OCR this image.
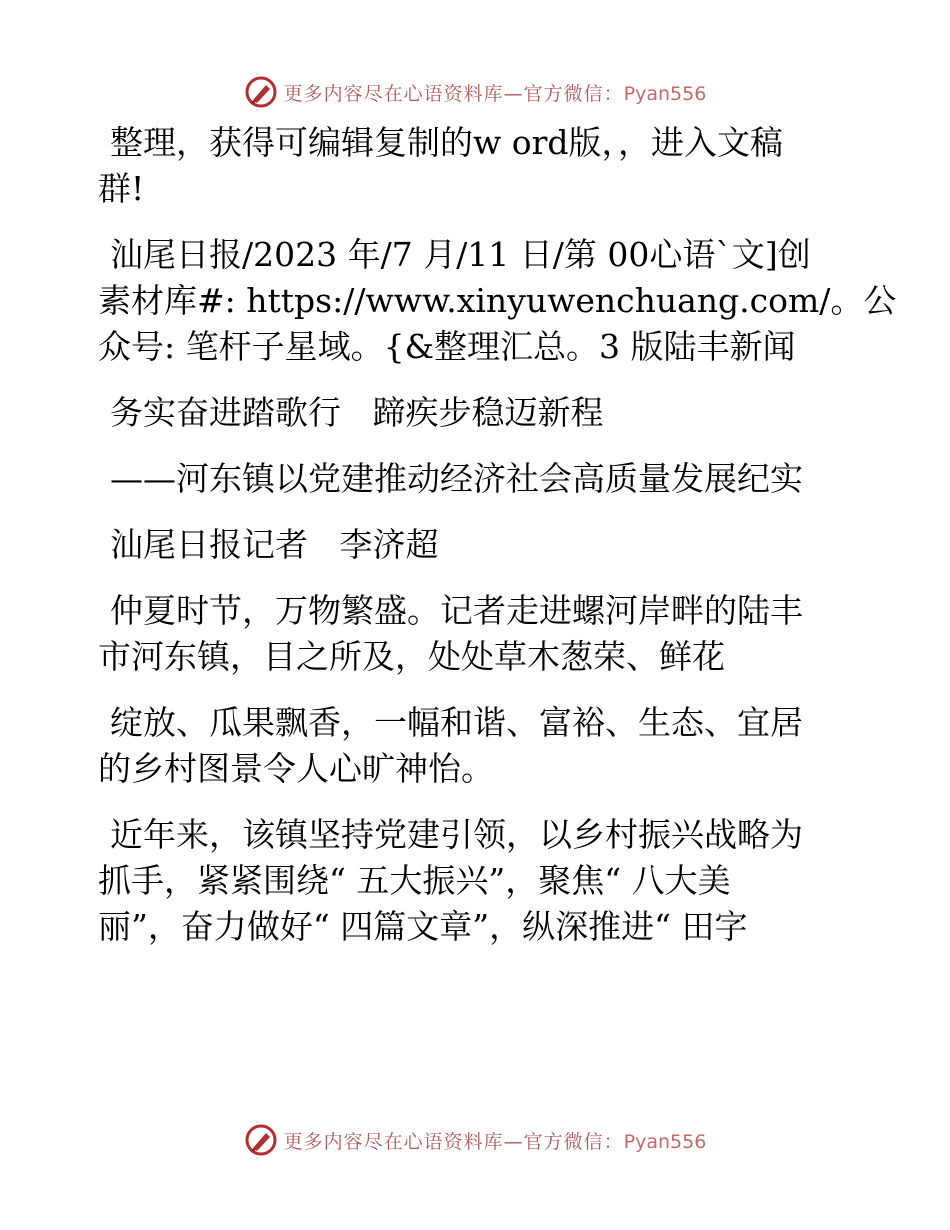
更多内容尽在心语资料库—官方微信：Pyan556

整理，获得可编辑复制的w ord版，，进入文稿
群!

汕尾日报/2023 年/7 月/11 日/第 00心语`文]创
素材库#: https://www.xinyuwenchuang.com/。公
众号: 笔杆子星域。{&整理汇总。3 版陆丰新闻

务实奋进踏歌行   蹄疾步稳迈新程

——河东镇以党建推动经济社会高质量发展纪实

汕尾日报记者   李济超

仲夏时节，万物繁盛。记者走进螺河岸畔的陆丰
市河东镇，目之所及，处处草木葱荣、鲜花

绽放、瓜果飘香，一幅和谐、富裕、生态、宜居
的乡村图景令人心旷神怡。

近年来，该镇坚持党建引领，以乡村振兴战略为
抓手，紧紧围绕“ 五大振兴”，聚焦“ 八大美
丽”，奋力做好“ 四篇文章”，纵深推进“ 田字

更多内容尽在心语资料库—官方微信：Pyan556
